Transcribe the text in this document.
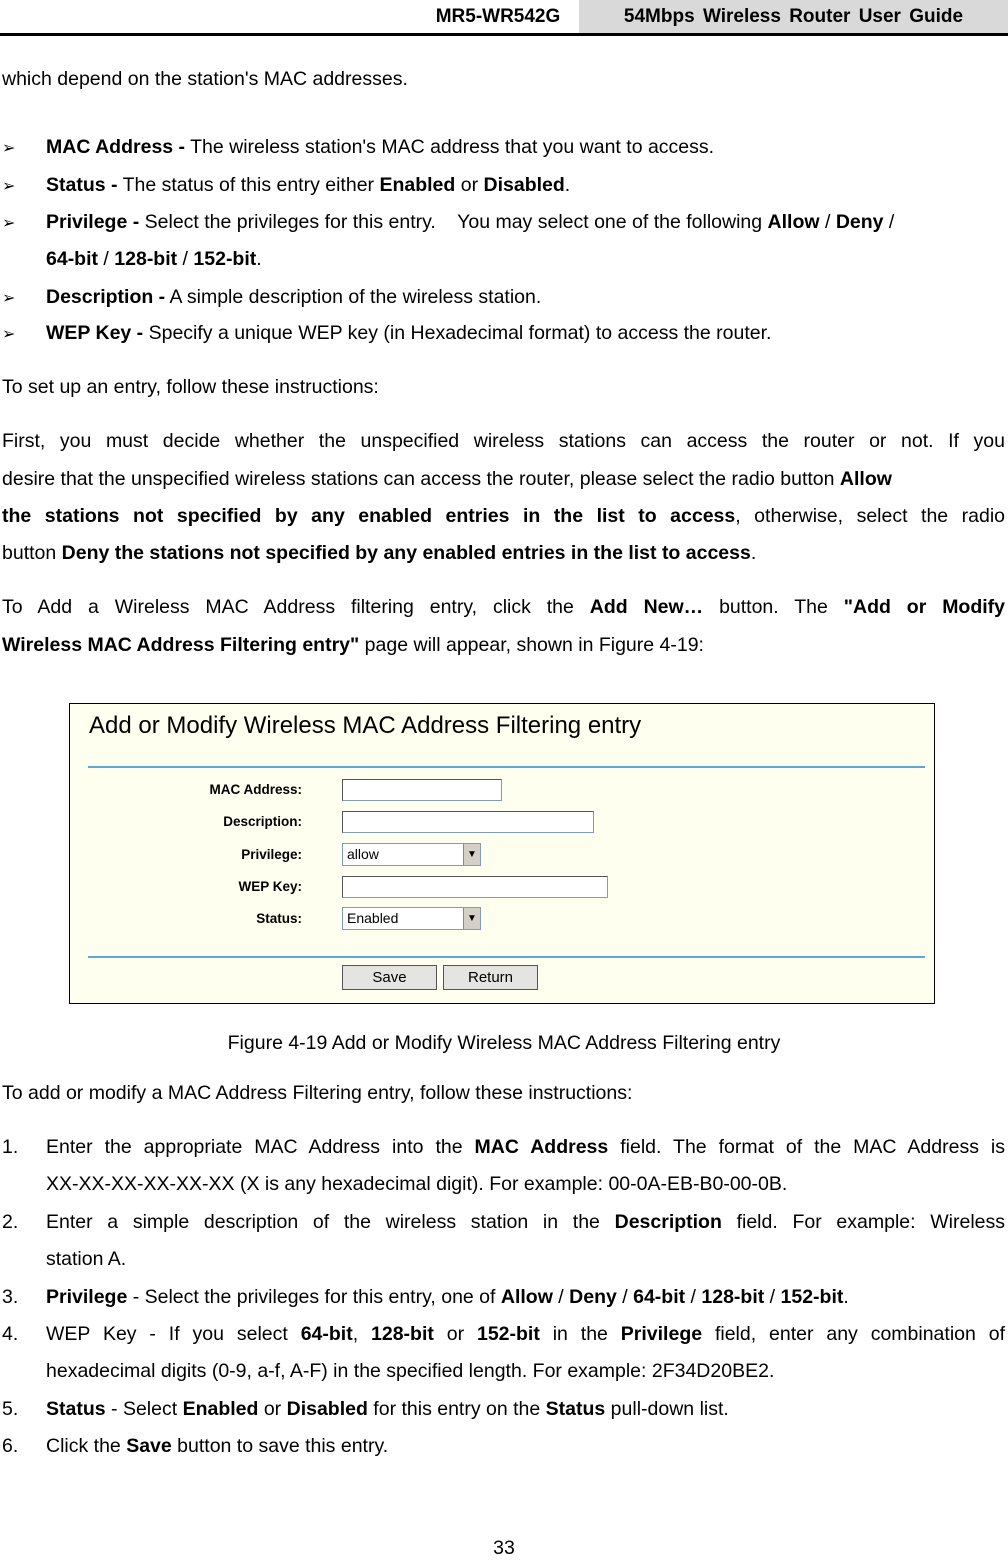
MR5-WR542G	54Mbps Wireless Router User Guide
which depend on the station's MAC addresses.
➢ MAC Address - The wireless station's MAC address that you want to access.
➢ Status - The status of this entry either Enabled or Disabled.
➢ Privilege - Select the privileges for this entry.    You may select one of the following Allow / Deny /
64-bit / 128-bit / 152-bit.
➢ Description - A simple description of the wireless station.
➢ WEP Key - Specify a unique WEP key (in Hexadecimal format) to access the router.
To set up an entry, follow these instructions:
First, you must decide whether the unspecified wireless stations can access the router or not. If you
desire that the unspecified wireless stations can access the router, please select the radio button Allow
the stations not specified by any enabled entries in the list to access, otherwise, select the radio
button Deny the stations not specified by any enabled entries in the list to access.
To Add a Wireless MAC Address filtering entry, click the Add New… button. The "Add or Modify
Wireless MAC Address Filtering entry" page will appear, shown in Figure 4-19:
Add or Modify Wireless MAC Address Filtering entry
MAC Address:
Description:
Privilege:	allow	▼
WEP Key:
Status:	Enabled	▼
Save	Return
Figure 4-19 Add or Modify Wireless MAC Address Filtering entry
To add or modify a MAC Address Filtering entry, follow these instructions:
1. Enter the appropriate MAC Address into the MAC Address field. The format of the MAC Address is
XX-XX-XX-XX-XX-XX (X is any hexadecimal digit). For example: 00-0A-EB-B0-00-0B.
2. Enter a simple description of the wireless station in the Description field. For example: Wireless
station A.
3. Privilege - Select the privileges for this entry, one of Allow / Deny / 64-bit / 128-bit / 152-bit.
4. WEP Key - If you select 64-bit, 128-bit or 152-bit in the Privilege field, enter any combination of
hexadecimal digits (0-9, a-f, A-F) in the specified length. For example: 2F34D20BE2.
5. Status - Select Enabled or Disabled for this entry on the Status pull-down list.
6. Click the Save button to save this entry.
33
